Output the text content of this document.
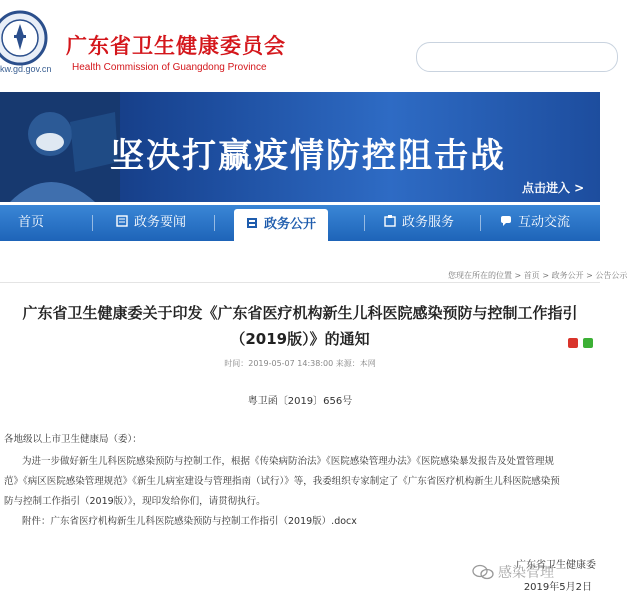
kw.gd.gov.cn
广东省卫生健康委员会
Health Commission of Guangdong Province
坚决打赢疫情防控阻击战
点击进入 >
首页	政务要闻	政务公开	政务服务	互动交流
您现在所在的位置 > 首页 > 政务公开 > 公告公示
广东省卫生健康委关于印发《广东省医疗机构新生儿科医院感染预防与控制工作指引
（2019版）》的通知
时间：2019-05-07 14:38:00 来源：本网
粤卫函〔2019〕656号
各地级以上市卫生健康局（委）：
为进一步做好新生儿科医院感染预防与控制工作，根据《传染病防治法》《医院感染管理办法》《医院感染暴发报告及处置管理规
范》《病区医院感染管理规范》《新生儿病室建设与管理指南（试行）》等，我委组织专家制定了《广东省医疗机构新生儿科医院感染预
防与控制工作指引（2019版）》，现印发给你们，请贯彻执行。
附件：广东省医疗机构新生儿科医院感染预防与控制工作指引（2019版）.docx
广东省卫生健康委
2019年5月2日
感染管理
